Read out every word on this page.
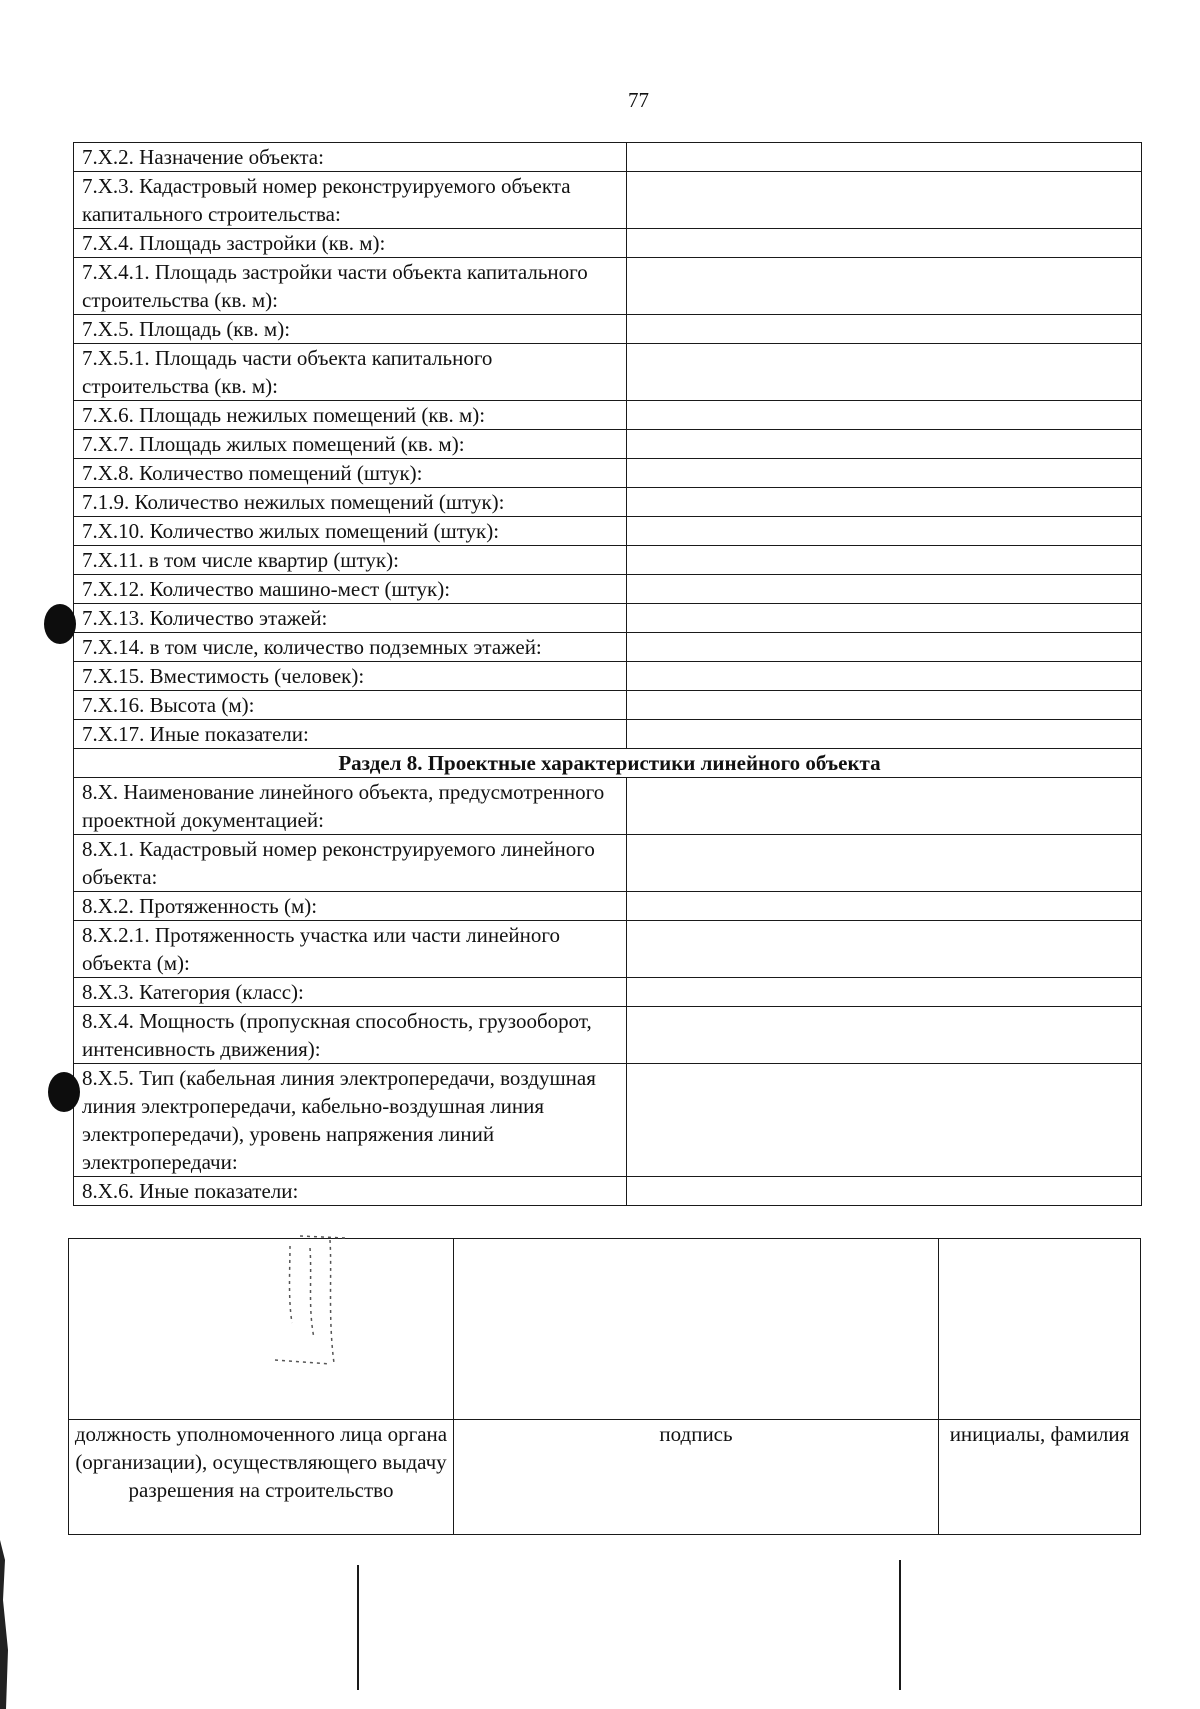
77
7.X.2. Назначение объекта:	
7.X.3. Кадастровый номер реконструируемого объекта капитального строительства:	
7.X.4. Площадь застройки (кв. м):	
7.X.4.1. Площадь застройки части объекта капитального строительства (кв. м):	
7.X.5. Площадь (кв. м):	
7.X.5.1. Площадь части объекта капитального строительства (кв. м):	
7.X.6. Площадь нежилых помещений (кв. м):	
7.X.7. Площадь жилых помещений (кв. м):	
7.X.8. Количество помещений (штук):	
7.1.9. Количество нежилых помещений (штук):	
7.X.10. Количество жилых помещений (штук):	
7.X.11. в том числе квартир (штук):	
7.X.12. Количество машино-мест (штук):	
7.X.13. Количество этажей:	
7.X.14. в том числе, количество подземных этажей:	
7.X.15. Вместимость (человек):	
7.X.16. Высота (м):	
7.X.17. Иные показатели:	
Раздел 8. Проектные характеристики линейного объекта	
8.X. Наименование линейного объекта, предусмотренного проектной документацией:	
8.X.1. Кадастровый номер реконструируемого линейного объекта:	
8.X.2. Протяженность (м):	
8.X.2.1. Протяженность участка или части линейного объекта (м):	
8.X.3. Категория (класс):	
8.X.4. Мощность (пропускная способность, грузооборот, интенсивность движения):	
8.X.5. Тип (кабельная линия электропередачи, воздушная линия электропередачи, кабельно-воздушная линия электропередачи), уровень напряжения линий электропередачи:	
8.X.6. Иные показатели:	

должность уполномоченного лица органа (организации), осуществляющего выдачу разрешения на строительство	подпись	инициалы, фамилия
